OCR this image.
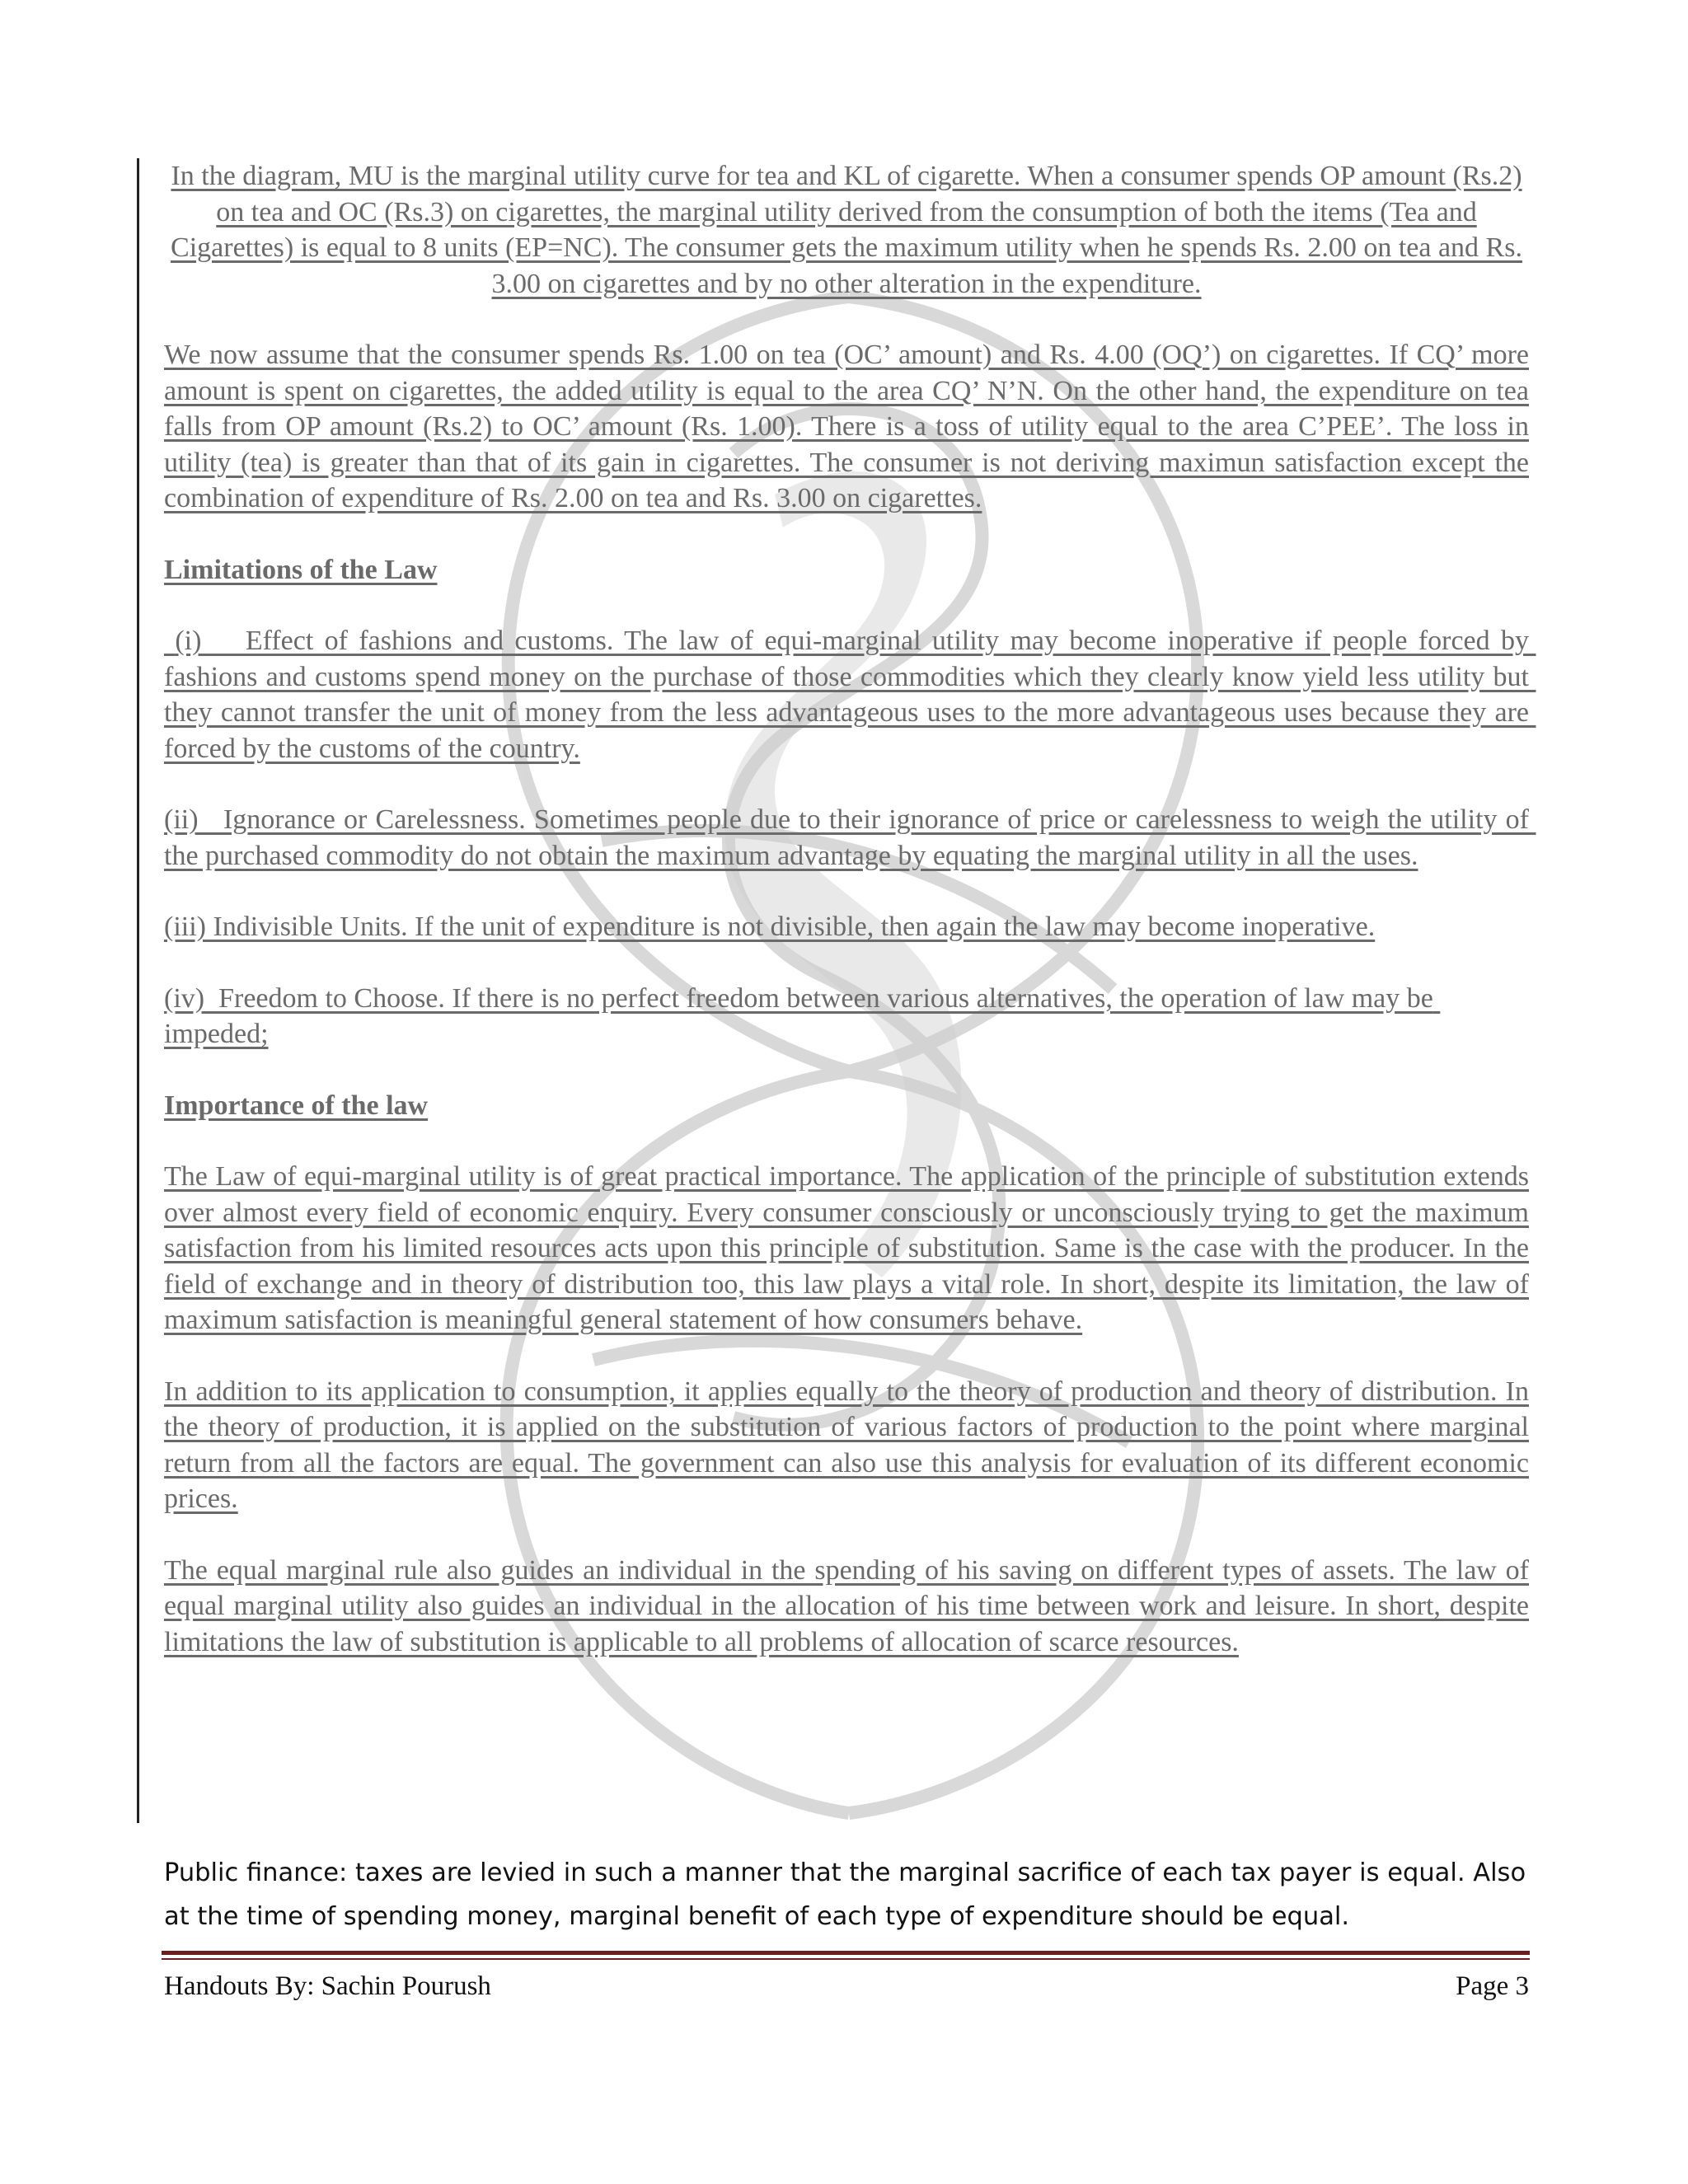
In the diagram, MU is the marginal utility curve for tea and KL of cigarette. When a consumer spends OP amount (Rs.2) on tea and OC (Rs.3) on cigarettes, the marginal utility derived from the consumption of both the items (Tea and Cigarettes) is equal to 8 units (EP=NC). The consumer gets the maximum utility when he spends Rs. 2.00 on tea and Rs. 3.00 on cigarettes and by no other alteration in the expenditure.

We now assume that the consumer spends Rs. 1.00 on tea (OC’ amount) and Rs. 4.00 (OQ’) on cigarettes. If CQ’ more amount is spent on cigarettes, the added utility is equal to the area CQ’ N’N. On the other hand, the expenditure on tea falls from OP amount (Rs.2) to OC’ amount (Rs. 1.00). There is a toss of utility equal to the area C’PEE’. The loss in utility (tea) is greater than that of its gain in cigarettes. The consumer is not deriving maximun satisfaction except the combination of expenditure of Rs. 2.00 on tea and Rs. 3.00 on cigarettes.

Limitations of the Law

(i)    Effect of fashions and customs. The law of equi-marginal utility may become inoperative if people forced by fashions and customs spend money on the purchase of those commodities which they clearly know yield less utility but they cannot transfer the unit of money from the less advantageous uses to the more advantageous uses because they are forced by the customs of the country.

(ii)   Ignorance or Carelessness. Sometimes people due to their ignorance of price or carelessness to weigh the utility of the purchased commodity do not obtain the maximum advantage by equating the marginal utility in all the uses.

(iii) Indivisible Units. If the unit of expenditure is not divisible, then again the law may become inoperative.

(iv)  Freedom to Choose. If there is no perfect freedom between various alternatives, the operation of law may be impeded;

Importance of the law

The Law of equi-marginal utility is of great practical importance. The application of the principle of substitution extends over almost every field of economic enquiry. Every consumer consciously or unconsciously trying to get the maximum satisfaction from his limited resources acts upon this principle of substitution. Same is the case with the producer. In the field of exchange and in theory of distribution too, this law plays a vital role. In short, despite its limitation, the law of maximum satisfaction is meaningful general statement of how consumers behave.

In addition to its application to consumption, it applies equally to the theory of production and theory of distribution. In the theory of production, it is applied on the substitution of various factors of production to the point where marginal return from all the factors are equal. The government can also use this analysis for evaluation of its different economic prices.

The equal marginal rule also guides an individual in the spending of his saving on different types of assets. The law of equal marginal utility also guides an individual in the allocation of his time between work and leisure. In short, despite limitations the law of substitution is applicable to all problems of allocation of scarce resources.

Public finance: taxes are levied in such a manner that the marginal sacrifice of each tax payer is equal. Also at the time of spending money, marginal benefit of each type of expenditure should be equal.
Handouts By: Sachin Pourush	Page 3
